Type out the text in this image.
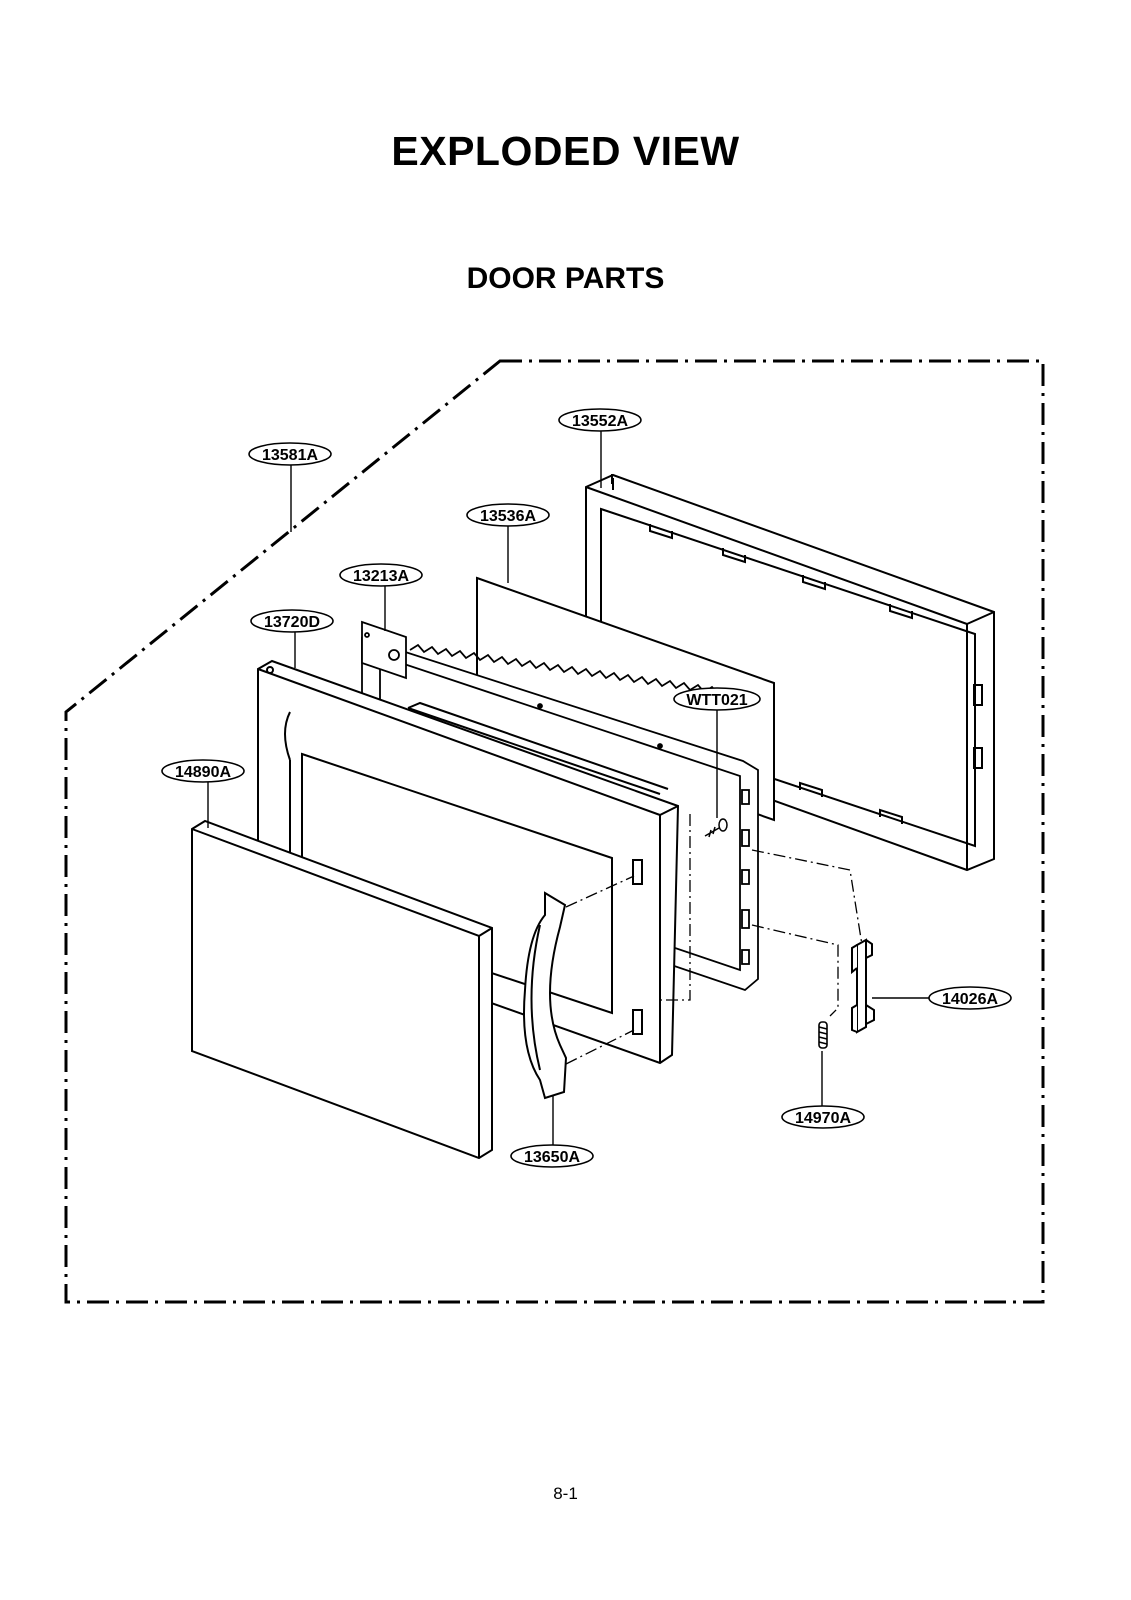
EXPLODED VIEW
DOOR PARTS
13552A
13581A
13536A
13213A
13720D
WTT021
14890A
14026A
14970A
13650A
8-1
